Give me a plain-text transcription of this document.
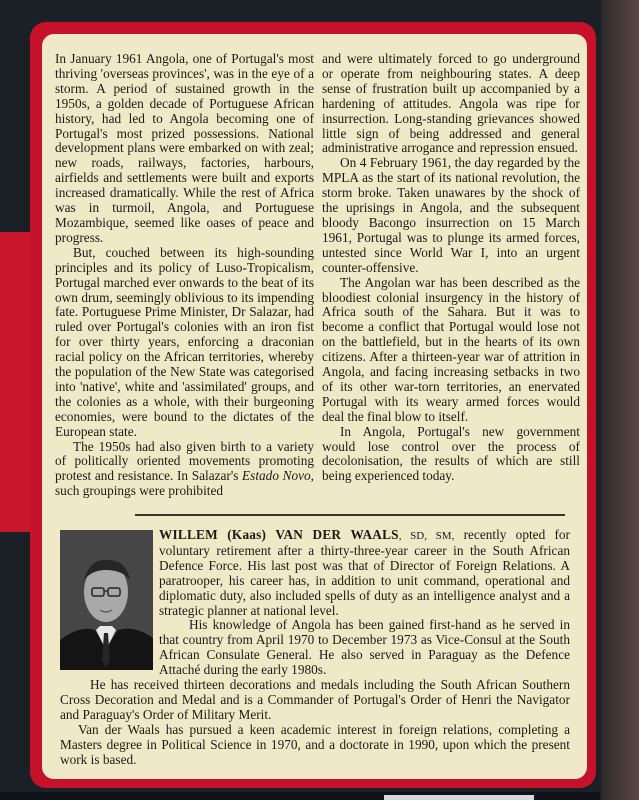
In January 1961 Angola, one of Portugal's most thriving 'overseas provinces', was in the eye of a storm. A period of sustained growth in the 1950s, a golden decade of Portuguese African history, had led to Angola becoming one of Portugal's most prized possessions. National development plans were embarked on with zeal; new roads, railways, factories, harbours, airfields and settlements were built and exports increased dramatically. While the rest of Africa was in turmoil, Angola, and Portuguese Mozambique, seemed like oases of peace and progress.

But, couched between its high-sounding principles and its policy of Luso-Tropicalism, Portugal marched ever onwards to the beat of its own drum, seemingly oblivious to its impending fate. Portuguese Prime Minister, Dr Salazar, had ruled over Portugal's colonies with an iron fist for over thirty years, enforcing a draconian racial policy on the African territories, whereby the population of the New State was categorised into 'native', white and 'assimilated' groups, and the colonies as a whole, with their burgeoning economies, were bound to the dictates of the European state.

The 1950s had also given birth to a variety of politically oriented movements promoting protest and resistance. In Salazar's Estado Novo, such groupings were prohibited

and were ultimately forced to go underground or operate from neighbouring states. A deep sense of frustration built up accompanied by a hardening of attitudes. Angola was ripe for insurrection. Long-standing grievances showed little sign of being addressed and general administrative arrogance and repression ensued.

On 4 February 1961, the day regarded by the MPLA as the start of its national revolution, the storm broke. Taken unawares by the shock of the uprisings in Angola, and the subsequent bloody Bacongo insurrection on 15 March 1961, Portugal was to plunge its armed forces, untested since World War I, into an urgent counter-offensive.

The Angolan war has been described as the bloodiest colonial insurgency in the history of Africa south of the Sahara. But it was to become a conflict that Portugal would lose not on the battlefield, but in the hearts of its own citizens. After a thirteen-year war of attrition in Angola, and facing increasing setbacks in two of its other war-torn territories, an enervated Portugal with its weary armed forces would deal the final blow to itself.

In Angola, Portugal's new government would lose control over the process of decolonisation, the results of which are still being experienced today.

WILLEM (Kaas) VAN DER WAALS, SD, SM, recently opted for voluntary retirement after a thirty-three-year career in the South African Defence Force. His last post was that of Director of Foreign Relations. A paratrooper, his career has, in addition to unit command, operational and diplomatic duty, also included spells of duty as an intelligence analyst and a strategic planner at national level.

His knowledge of Angola has been gained first-hand as he served in that country from April 1970 to December 1973 as Vice-Consul at the South African Consulate General. He also served in Paraguay as the Defence Attaché during the early 1980s.

He has received thirteen decorations and medals including the South African Southern Cross Decoration and Medal and is a Commander of Portugal's Order of Henri the Navigator and Paraguay's Order of Military Merit.

Van der Waals has pursued a keen academic interest in foreign relations, completing a Masters degree in Political Science in 1970, and a doctorate in 1990, upon which the present work is based.
